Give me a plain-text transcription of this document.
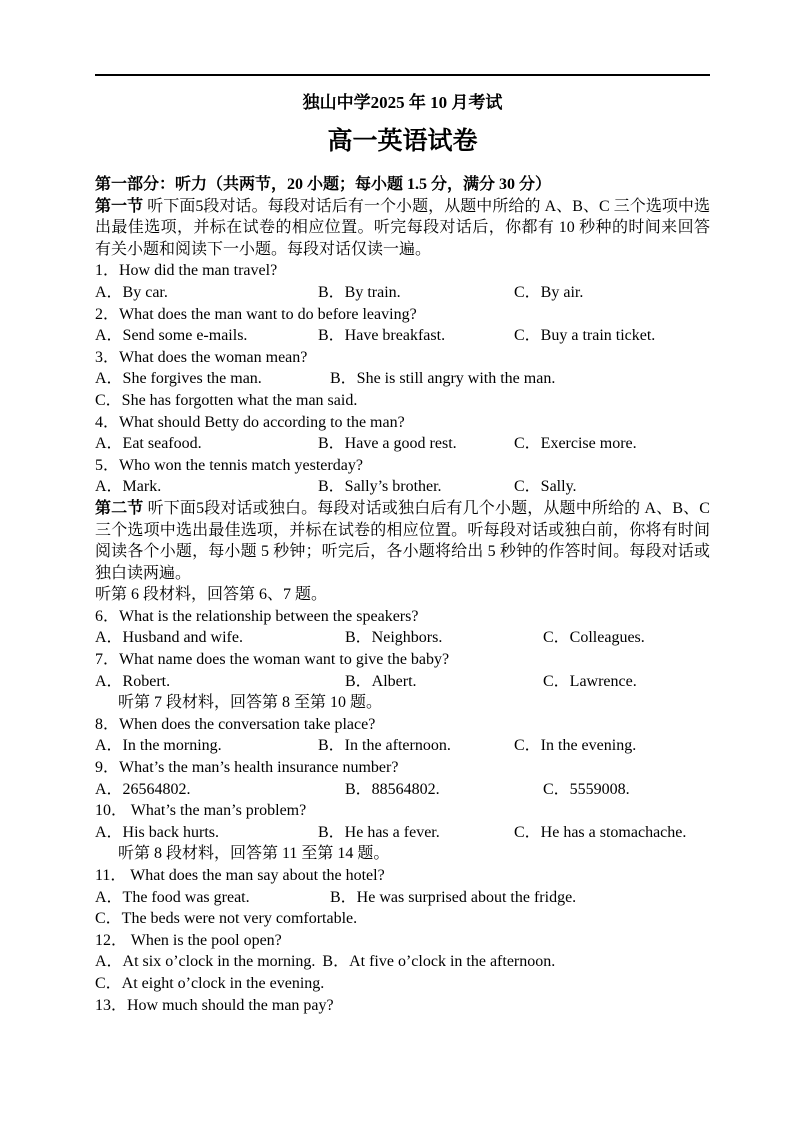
独山中学2025 年 10 月考试
高一英语试卷
第一部分：听力（共两节，20 小题；每小题 1.5 分，满分 30 分）
第一节 听下面5段对话。每段对话后有一个小题，从题中所给的 A、B、C 三个选项中选出最佳选项，并标在试卷的相应位置。听完每段对话后，你都有 10 秒种的时间来回答有关小题和阅读下一小题。每段对话仅读一遍。
1．How did the man travel?
A．By car.	B．By train.	C．By air.
2．What does the man want to do before leaving?
A．Send some e-mails.	B．Have breakfast.	C．Buy a train ticket.
3．What does the woman mean?
A．She forgives the man.	B．She is still angry with the man.
C．She has forgotten what the man said.
4．What should Betty do according to the man?
A．Eat seafood.	B．Have a good rest.	C．Exercise more.
5．Who won the tennis match yesterday?
A．Mark.	B．Sally’s brother.	C．Sally.
第二节 听下面5段对话或独白。每段对话或独白后有几个小题，从题中所给的 A、B、C 三个选项中选出最佳选项，并标在试卷的相应位置。听每段对话或独白前，你将有时间阅读各个小题，每小题 5 秒钟；听完后，各小题将给出 5 秒钟的作答时间。每段对话或独白读两遍。
听第 6 段材料，回答第 6、7 题。
6．What is the relationship between the speakers?
A．Husband and wife.	B．Neighbors.	C．Colleagues.
7．What name does the woman want to give the baby?
A．Robert.	B．Albert.	C．Lawrence.
听第 7 段材料，回答第 8 至第 10 题。
8．When does the conversation take place?
A．In the morning.	B．In the afternoon.	C．In the evening.
9．What’s the man’s health insurance number?
A．26564802.	B．88564802.	C．5559008.
10． What’s the man’s problem?
A．His back hurts.	B．He has a fever.	C．He has a stomachache.
听第 8 段材料，回答第 11 至第 14 题。
11． What does the man say about the hotel?
A．The food was great.	B．He was surprised about the fridge.
C．The beds were not very comfortable.
12． When is the pool open?
A．At six o’clock in the morning. B．At five o’clock in the afternoon.
C．At eight o’clock in the evening.
13．How much should the man pay?
